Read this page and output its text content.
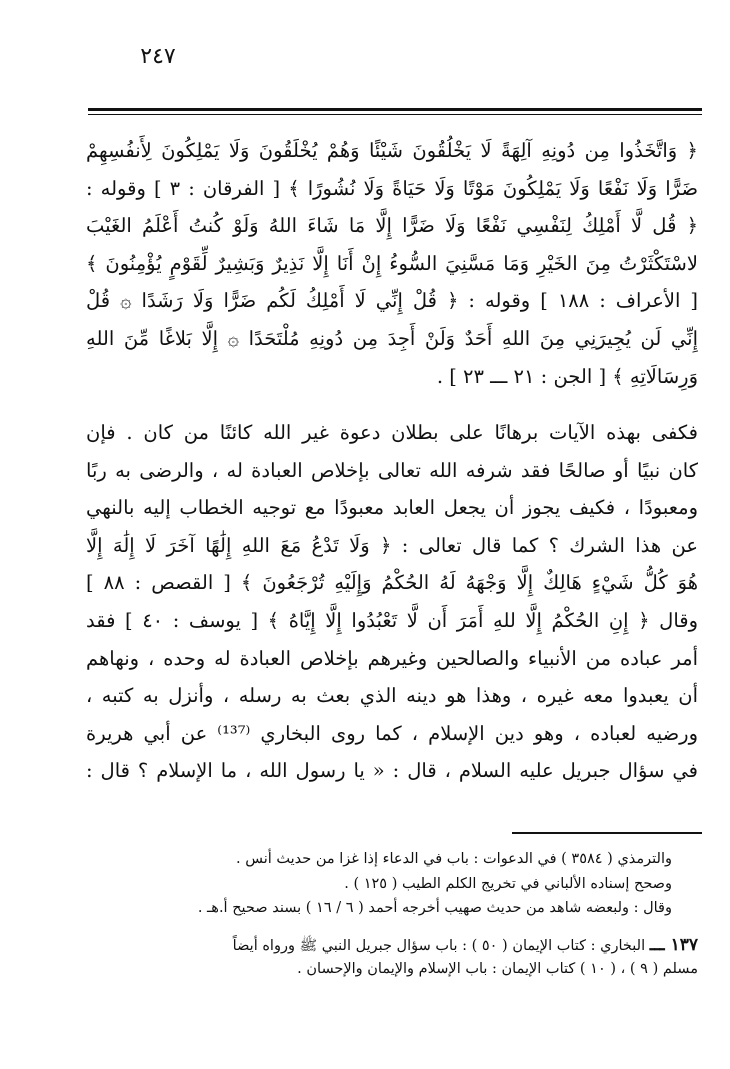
٢٤٧
﴿ وَاتَّخَذُوا مِن دُونِهِ آلِهَةً لَا يَخْلُقُونَ شَيْئًا وَهُمْ يُخْلَقُونَ وَلَا يَمْلِكُونَ لِأَنفُسِهِمْ
ضَرًّا وَلَا نَفْعًا وَلَا يَمْلِكُونَ مَوْتًا وَلَا حَيَاةً وَلَا نُشُورًا ﴾ [ الفرقان : ٣ ] وقوله :
﴿ قُل لَّا أَمْلِكُ لِنَفْسِي نَفْعًا وَلَا ضَرًّا إِلَّا مَا شَاءَ اللهُ وَلَوْ كُنتُ أَعْلَمُ الغَيْبَ
لاسْتَكْثَرْتُ مِنَ الخَيْرِ وَمَا مَسَّنِيَ السُّوءُ إِنْ أَنَا إِلَّا نَذِيرٌ وَبَشِيرٌ لِّقَوْمٍ يُؤْمِنُونَ ﴾
[ الأعراف : ١٨٨ ] وقوله : ﴿ قُلْ إِنِّي لَا أَمْلِكُ لَكُم ضَرًّا وَلَا رَشَدًا ۞ قُلْ
إِنِّي لَن يُجِيرَنِي مِنَ اللهِ أَحَدٌ وَلَنْ أَجِدَ مِن دُونِهِ مُلْتَحَدًا ۞ إِلَّا بَلاغًا مِّنَ اللهِ
وَرِسَالَاتِهِ ﴾ [ الجن : ٢١ ـــ ٢٣ ] .
فكفى بهذه الآيات برهانًا على بطلان دعوة غير الله كائنًا من كان . فإن
كان نبيًا أو صالحًا فقد شرفه الله تعالى بإخلاص العبادة له ، والرضى به ربًا
ومعبودًا ، فكيف يجوز أن يجعل العابد معبودًا مع توجيه الخطاب إليه بالنهي
عن هذا الشرك ؟ كما قال تعالى : ﴿ وَلَا تَدْعُ مَعَ اللهِ إِلَٰهًا آخَرَ لَا إِلَٰهَ إِلَّا
هُوَ كُلُّ شَيْءٍ هَالِكٌ إِلَّا وَجْهَهُ لَهُ الحُكْمُ وَإِلَيْهِ تُرْجَعُونَ ﴾ [ القصص : ٨٨ ]
وقال ﴿ إِنِ الحُكْمُ إِلَّا للهِ أَمَرَ أَن لَّا تَعْبُدُوا إِلَّا إِيَّاهُ ﴾ [ يوسف : ٤٠ ] فقد
أمر عباده من الأنبياء والصالحين وغيرهم بإخلاص العبادة له وحده ، ونهاهم
أن يعبدوا معه غيره ، وهذا هو دينه الذي بعث به رسله ، وأنزل به كتبه ،
ورضيه لعباده ، وهو دين الإسلام ، كما روى البخاري ⁽¹³⁷⁾ عن أبي هريرة
في سؤال جبريل عليه السلام ، قال : « يا رسول الله ، ما الإسلام ؟ قال :
والترمذي ( ٣٥٨٤ ) في الدعوات : باب في الدعاء إذا غزا من حديث أنس .
وصحح إسناده الألباني في تخريج الكلم الطيب ( ١٢٥ ) .
وقال : ولبعضه شاهد من حديث صهيب أخرجه أحمد ( ٦ / ١٦ ) بسند صحيح أ.هـ .
١٣٧ ـــ البخاري : كتاب الإيمان ( ٥٠ ) : باب سؤال جبريل النبي ﷺ ورواه أيضاً
مسلم ( ٩ ) ، ( ١٠ ) كتاب الإيمان : باب الإسلام والإيمان والإحسان .
